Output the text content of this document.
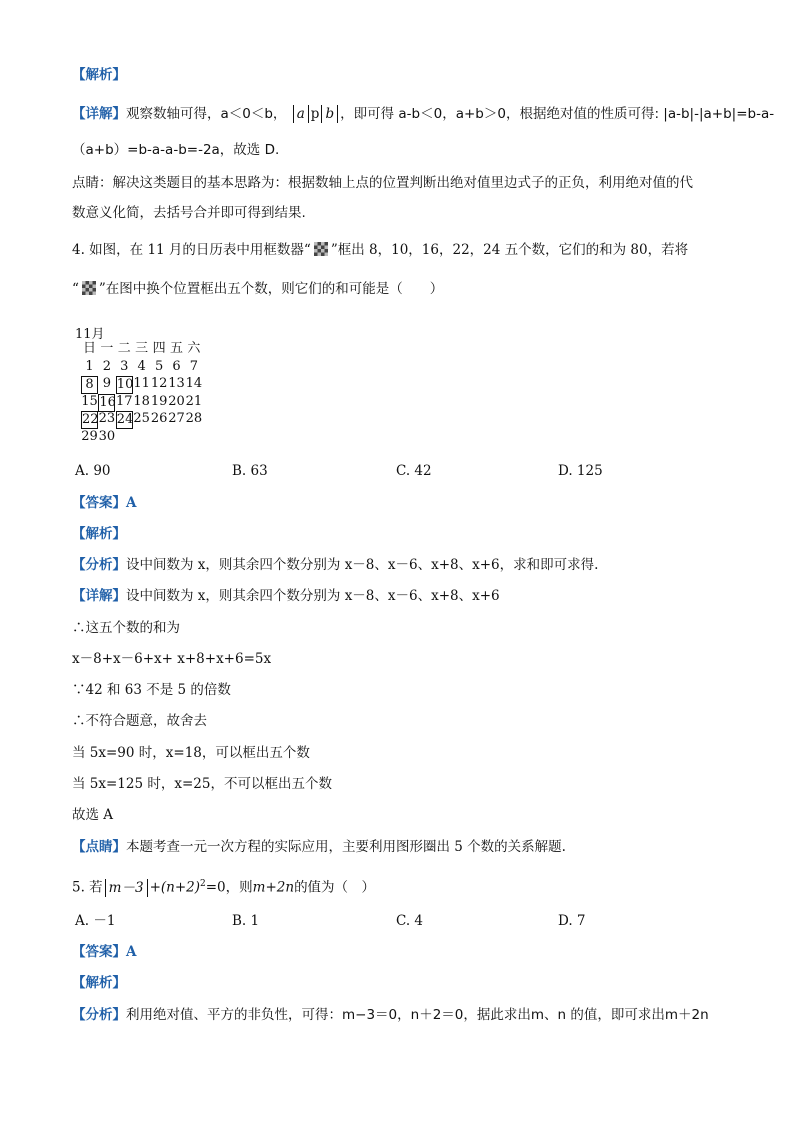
【解析】
【详解】观察数轴可得，a＜0＜b， a p b ，即可得 a-b＜0，a+b＞0，根据绝对值的性质可得: |a-b|-|a+b|=b-a-
（a+b）=b-a-a-b=-2a，故选 D.
点睛：解决这类题目的基本思路为：根据数轴上点的位置判断出绝对值里边式子的正负，利用绝对值的代
数意义化简，去括号合并即可得到结果.
4. 如图，在 11 月的日历表中用框数器“ ”框出 8，10，16，22，24 五个数，它们的和为 80，若将
“ ”在图中换个位置框出五个数，则它们的和可能是（　　）
11月
日 一 二 三 四 五 六
1 2 3 4 5 6 7
8 9 10 11 12 13 14
15 16 17 18 19 20 21
22 23 24 25 26 27 28
29 30
A. 90	B. 63	C. 42	D. 125
【答案】A
【解析】
【分析】设中间数为 x，则其余四个数分别为 x－8、x－6、x+8、x+6，求和即可求得.
【详解】设中间数为 x，则其余四个数分别为 x－8、x－6、x+8、x+6
∴这五个数的和为
x－8+x－6+x+ x+8+x+6=5x
∵42 和 63 不是 5 的倍数
∴不符合题意，故舍去
当 5x=90 时，x=18，可以框出五个数
当 5x=125 时，x=25，不可以框出五个数
故选 A
【点睛】本题考查一元一次方程的实际应用，主要利用图形圈出 5 个数的关系解题.
5. 若 $m-3 +(n+2)^2=0$，则m+2n的值为（　）
A. －1	B. 1	C. 4	D. 7
【答案】A
【解析】
【分析】利用绝对值、平方的非负性，可得：m−3＝0，n＋2＝0，据此求出m、n 的值，即可求出m＋2n
